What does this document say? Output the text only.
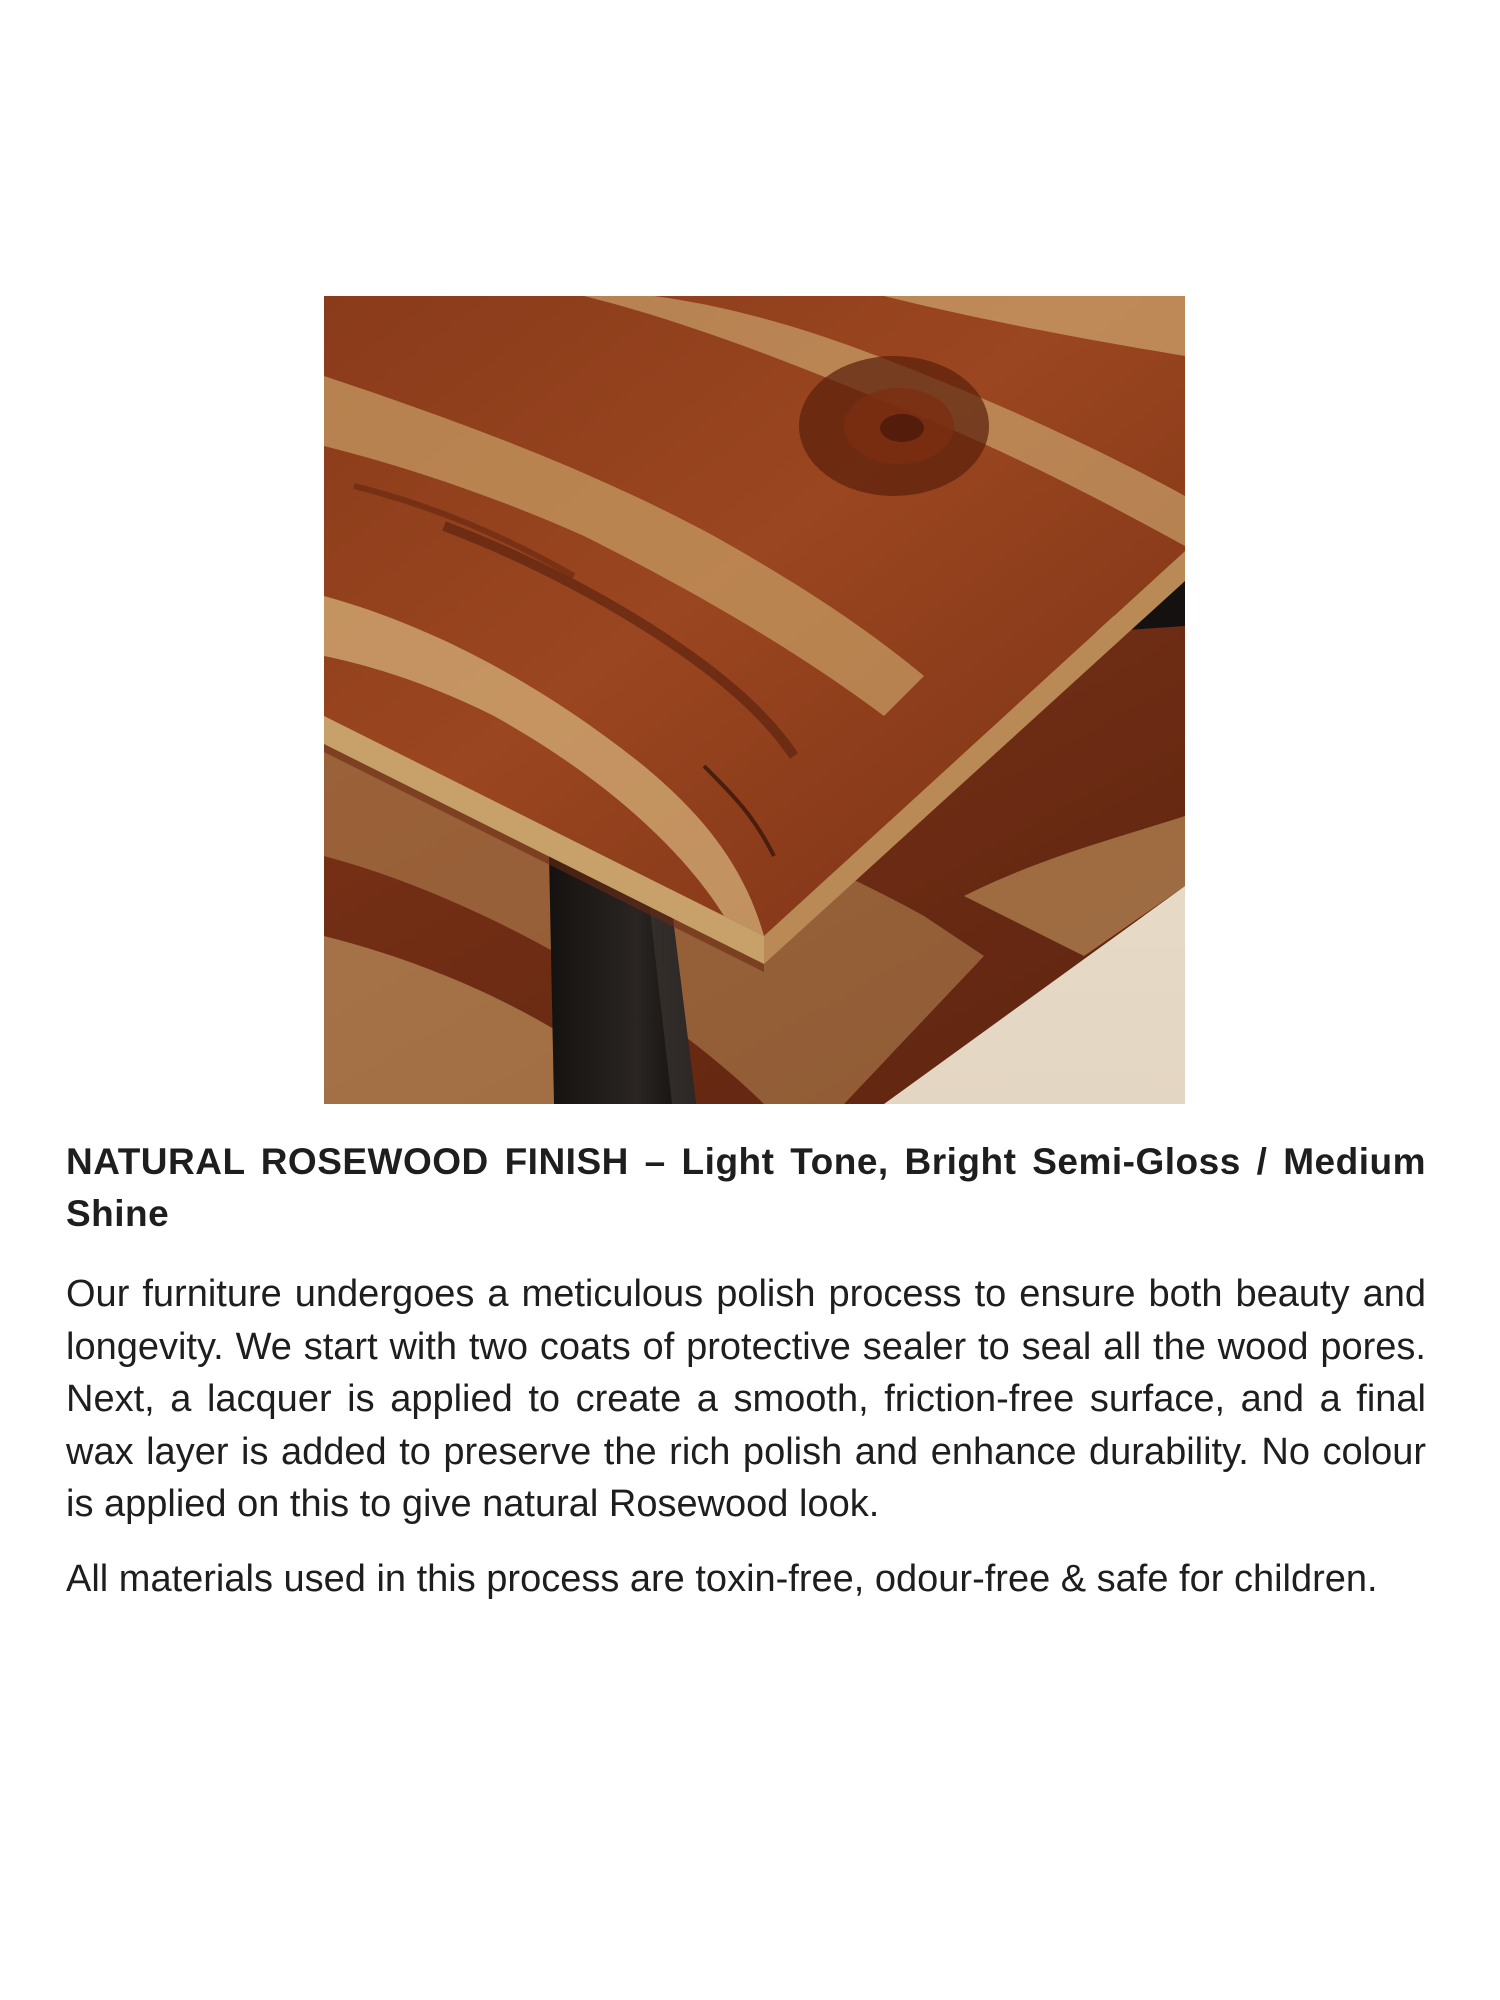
NATURAL ROSEWOOD FINISH – Light Tone, Bright Semi-Gloss / Medium Shine

Our furniture undergoes a meticulous polish process to ensure both beauty and longevity. We start with two coats of protective sealer to seal all the wood pores. Next, a lacquer is applied to create a smooth, friction-free surface, and a final wax layer is added to preserve the rich polish and enhance durability. No colour is applied on this to give natural Rosewood look.

All materials used in this process are toxin-free, odour-free & safe for children.
